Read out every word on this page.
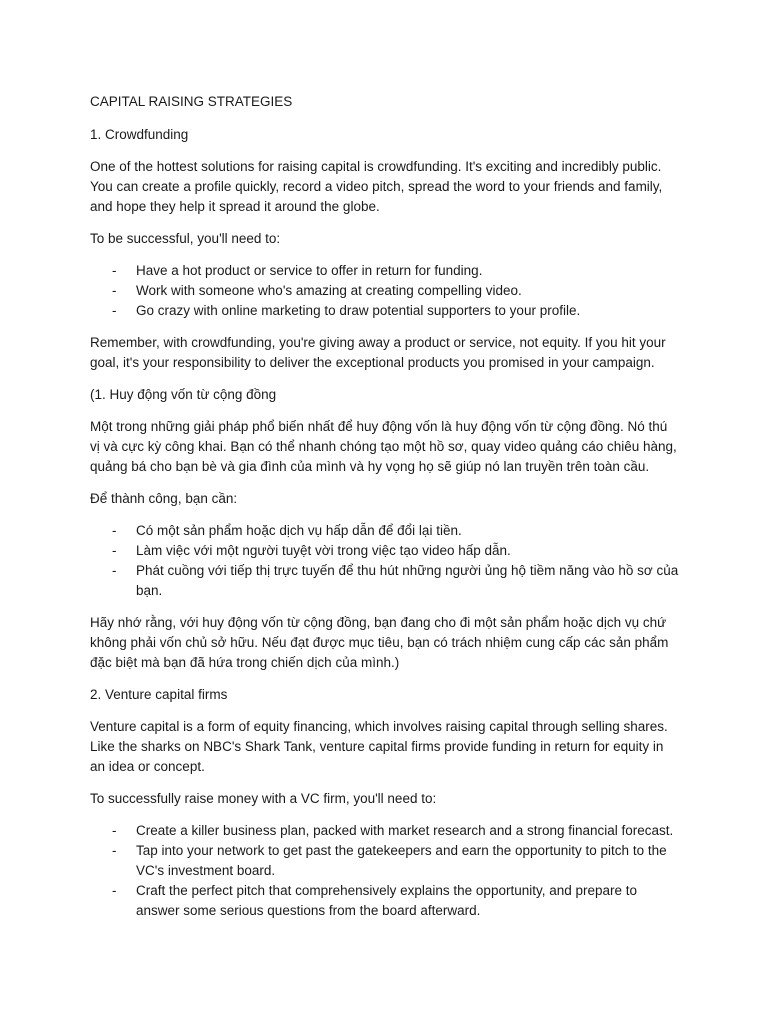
CAPITAL RAISING STRATEGIES

1. Crowdfunding

One of the hottest solutions for raising capital is crowdfunding. It's exciting and incredibly public. You can create a profile quickly, record a video pitch, spread the word to your friends and family, and hope they help it spread it around the globe.

To be successful, you'll need to:

- Have a hot product or service to offer in return for funding.
- Work with someone who's amazing at creating compelling video.
- Go crazy with online marketing to draw potential supporters to your profile.

Remember, with crowdfunding, you're giving away a product or service, not equity. If you hit your goal, it's your responsibility to deliver the exceptional products you promised in your campaign.

(1. Huy động vốn từ cộng đồng

Một trong những giải pháp phổ biến nhất để huy động vốn là huy động vốn từ cộng đồng. Nó thú vị và cực kỳ công khai. Bạn có thể nhanh chóng tạo một hồ sơ, quay video quảng cáo chiêu hàng, quảng bá cho bạn bè và gia đình của mình và hy vọng họ sẽ giúp nó lan truyền trên toàn cầu.

Để thành công, bạn cần:

- Có một sản phẩm hoặc dịch vụ hấp dẫn để đổi lại tiền.
- Làm việc với một người tuyệt vời trong việc tạo video hấp dẫn.
- Phát cuồng với tiếp thị trực tuyến để thu hút những người ủng hộ tiềm năng vào hồ sơ của bạn.

Hãy nhớ rằng, với huy động vốn từ cộng đồng, bạn đang cho đi một sản phẩm hoặc dịch vụ chứ không phải vốn chủ sở hữu. Nếu đạt được mục tiêu, bạn có trách nhiệm cung cấp các sản phẩm đặc biệt mà bạn đã hứa trong chiến dịch của mình.)

2. Venture capital firms

Venture capital is a form of equity financing, which involves raising capital through selling shares. Like the sharks on NBC's Shark Tank, venture capital firms provide funding in return for equity in an idea or concept.

To successfully raise money with a VC firm, you'll need to:

- Create a killer business plan, packed with market research and a strong financial forecast.
- Tap into your network to get past the gatekeepers and earn the opportunity to pitch to the VC's investment board.
- Craft the perfect pitch that comprehensively explains the opportunity, and prepare to answer some serious questions from the board afterward.
